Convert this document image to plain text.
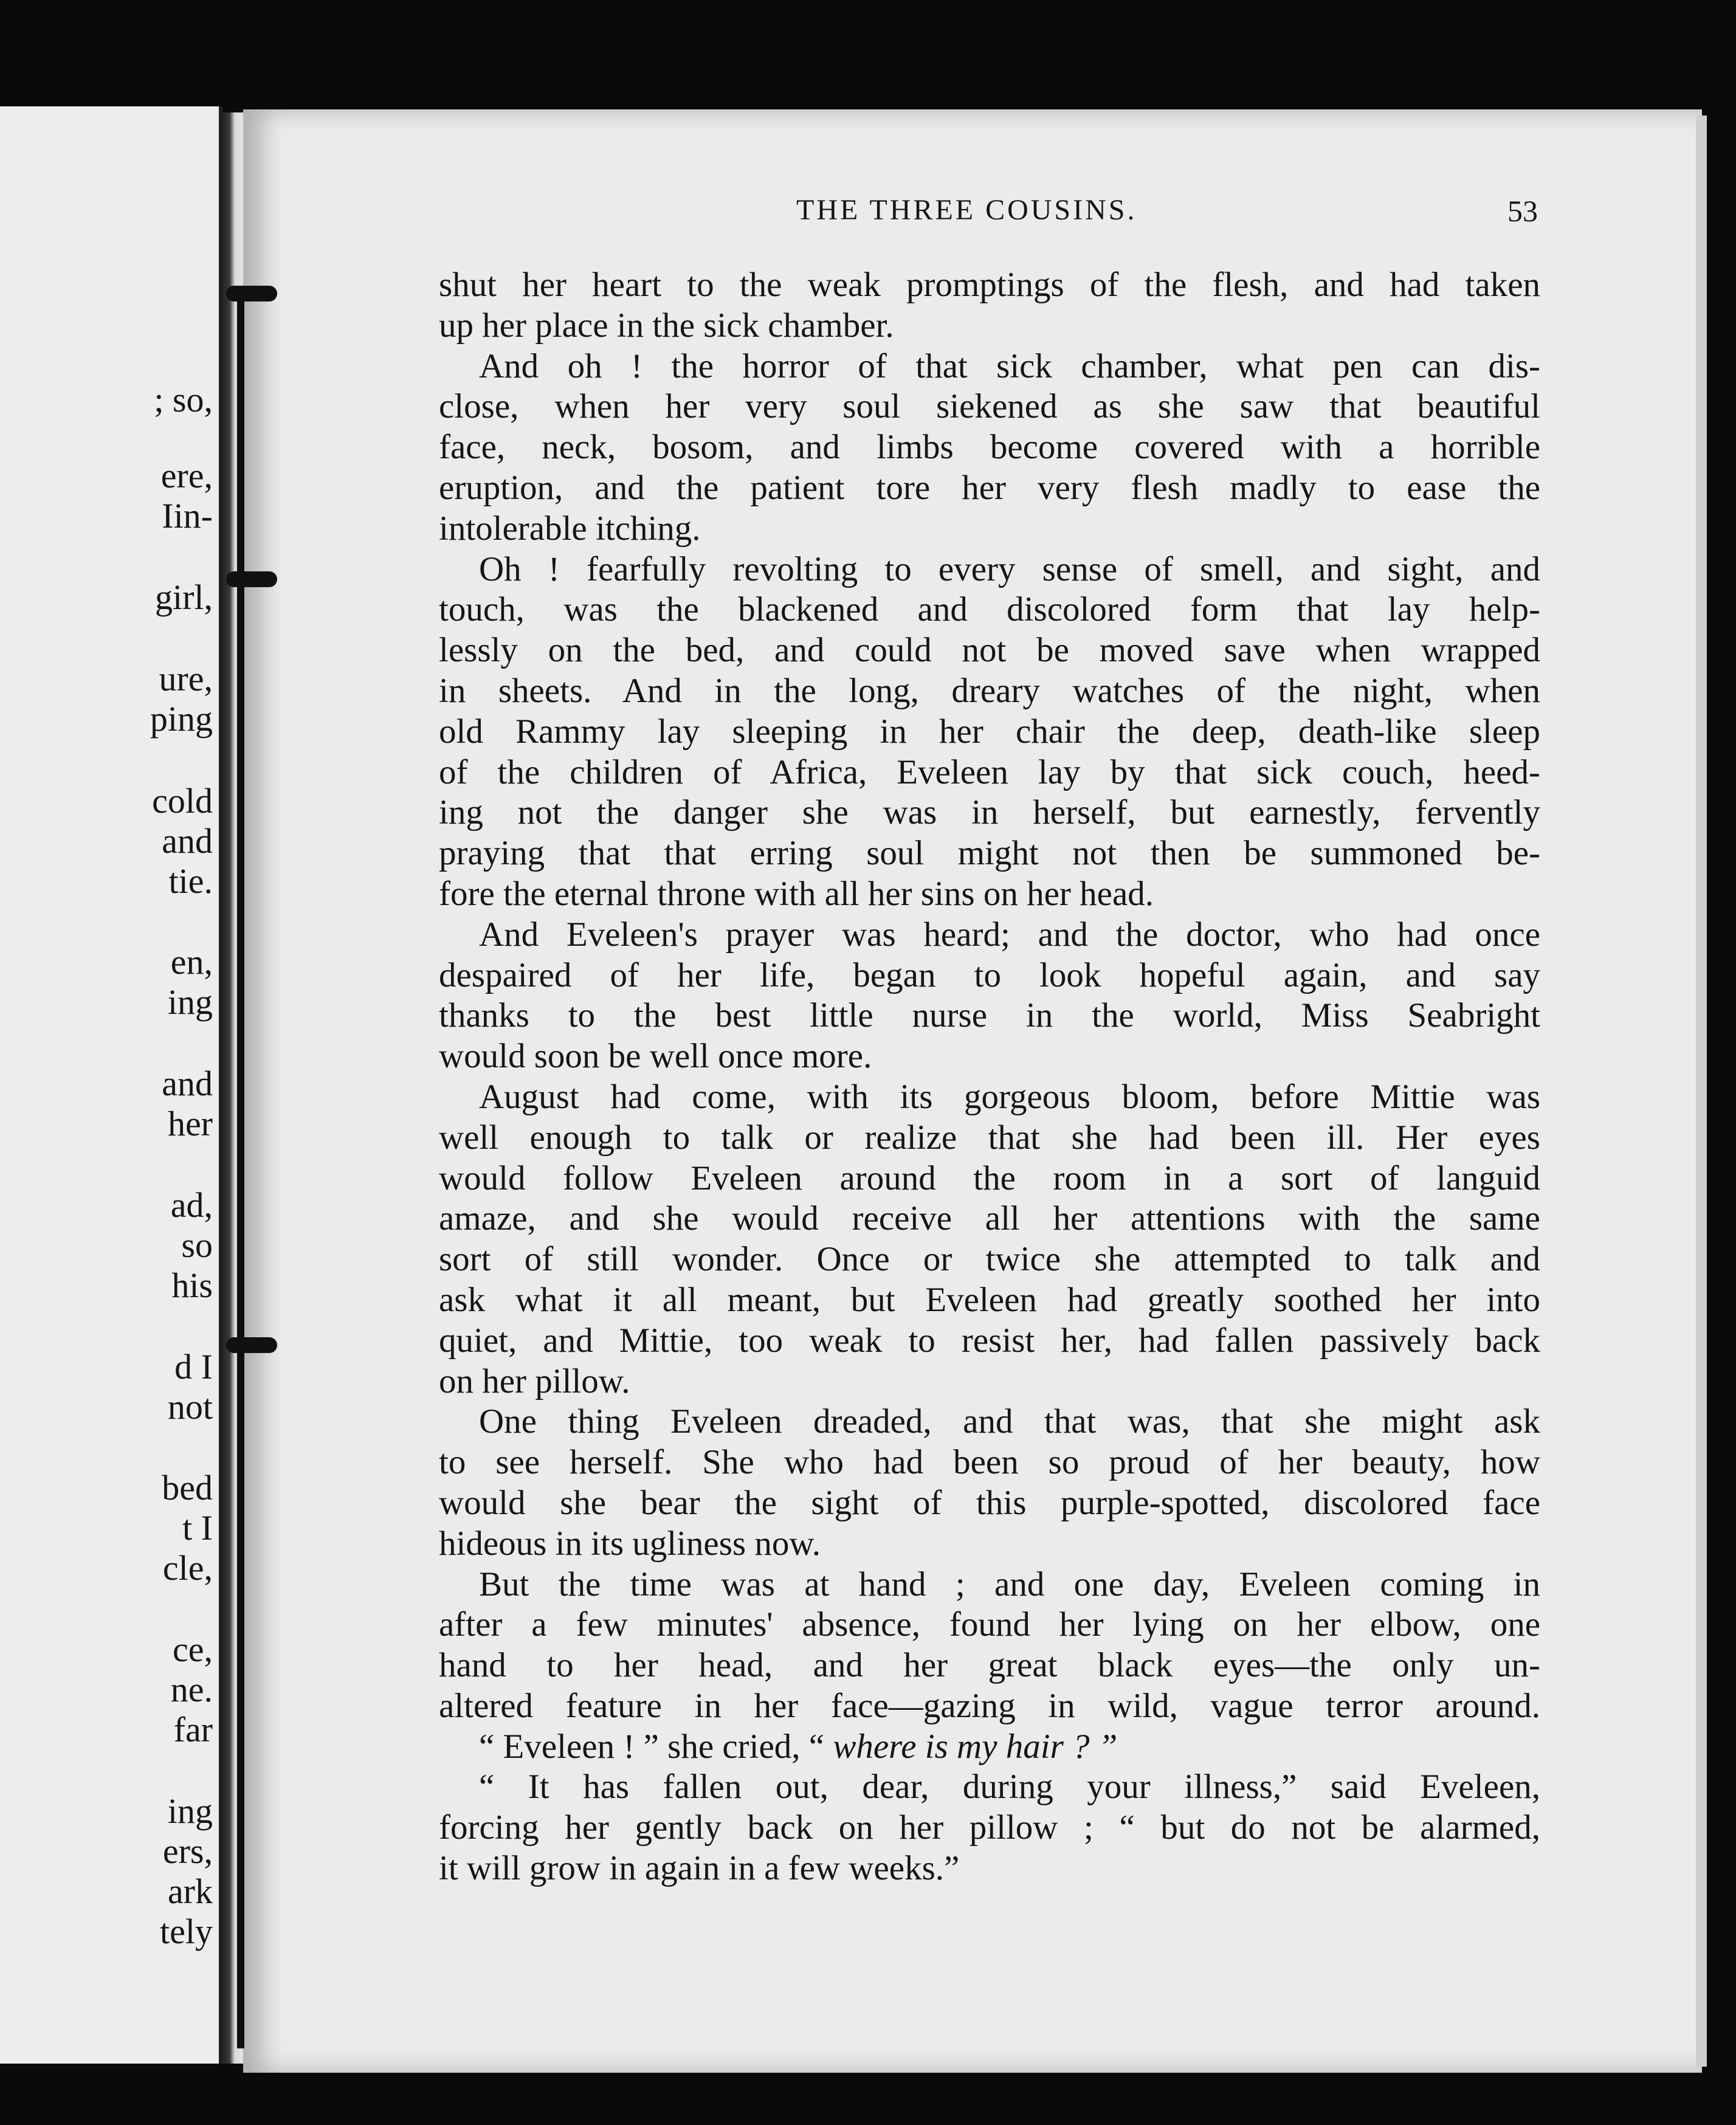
; so,
ere,
Iin-
girl,
ure,
ping
cold
and
tie.
en,
ing
and
her
ad,
so
his
d I
not
bed
t I
cle,
ce,
ne.
far
ing
ers,
ark
tely
THE THREE COUSINS.	53
shut her heart to the weak promptings of the flesh, and had taken
up her place in the sick chamber.
And oh ! the horror of that sick chamber, what pen can dis-
close, when her very soul siekened as she saw that beautiful
face, neck, bosom, and limbs become covered with a horrible
eruption, and the patient tore her very flesh madly to ease the
intolerable itching.
Oh ! fearfully revolting to every sense of smell, and sight, and
touch, was the blackened and discolored form that lay help-
lessly on the bed, and could not be moved save when wrapped
in sheets. And in the long, dreary watches of the night, when
old Rammy lay sleeping in her chair the deep, death-like sleep
of the children of Africa, Eveleen lay by that sick couch, heed-
ing not the danger she was in herself, but earnestly, fervently
praying that that erring soul might not then be summoned be-
fore the eternal throne with all her sins on her head.
And Eveleen's prayer was heard; and the doctor, who had once
despaired of her life, began to look hopeful again, and say
thanks to the best little nurse in the world, Miss Seabright
would soon be well once more.
August had come, with its gorgeous bloom, before Mittie was
well enough to talk or realize that she had been ill. Her eyes
would follow Eveleen around the room in a sort of languid
amaze, and she would receive all her attentions with the same
sort of still wonder. Once or twice she attempted to talk and
ask what it all meant, but Eveleen had greatly soothed her into
quiet, and Mittie, too weak to resist her, had fallen passively back
on her pillow.
One thing Eveleen dreaded, and that was, that she might ask
to see herself. She who had been so proud of her beauty, how
would she bear the sight of this purple-spotted, discolored face
hideous in its ugliness now.
But the time was at hand ; and one day, Eveleen coming in
after a few minutes' absence, found her lying on her elbow, one
hand to her head, and her great black eyes—the only un-
altered feature in her face—gazing in wild, vague terror around.
“ Eveleen ! ” she cried, “ where is my hair ? ”
“ It has fallen out, dear, during your illness,” said Eveleen,
forcing her gently back on her pillow ; “ but do not be alarmed,
it will grow in again in a few weeks.”
